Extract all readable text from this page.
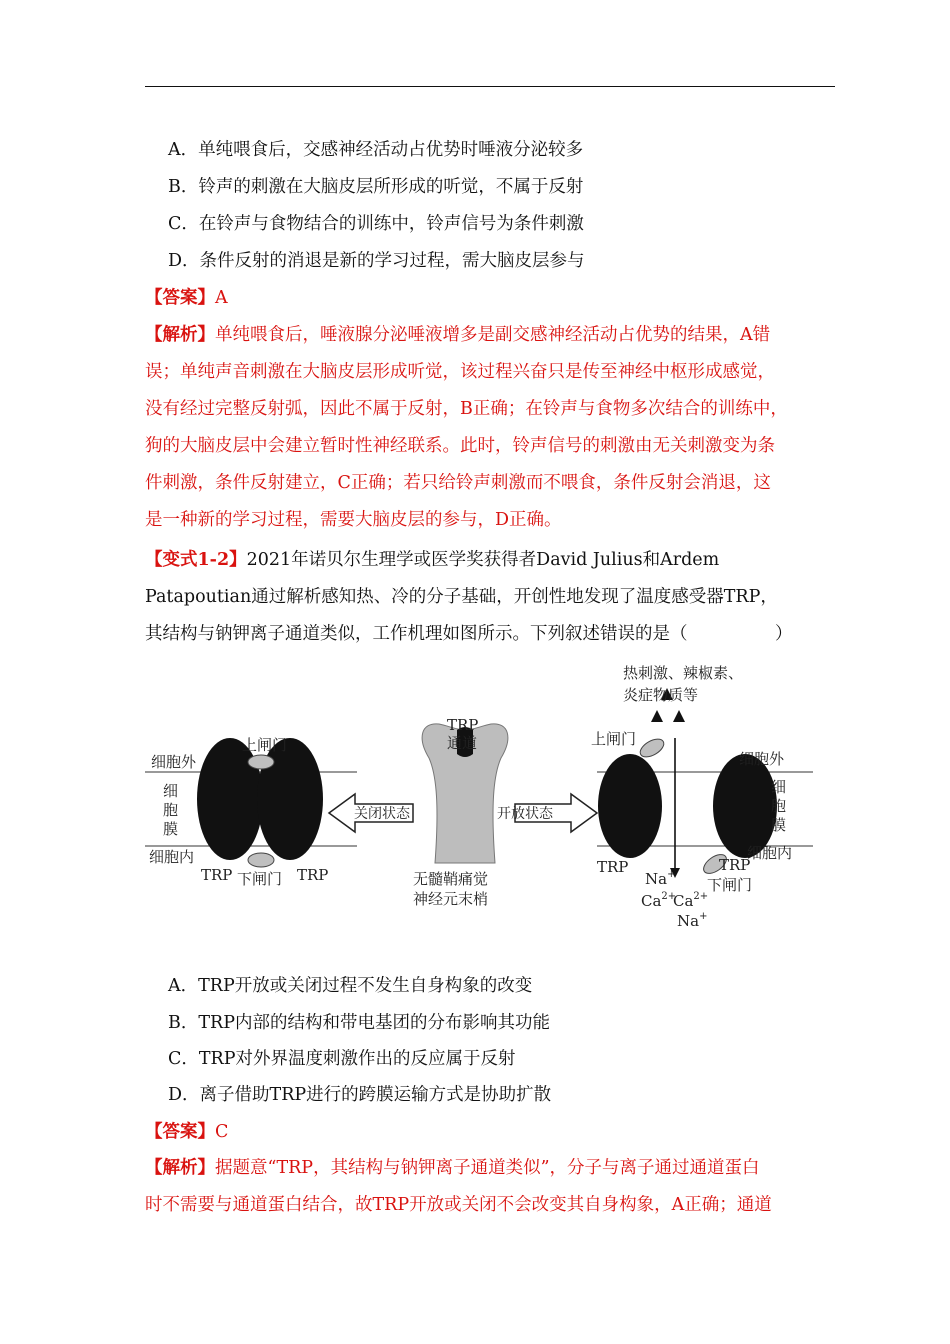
A．单纯喂食后，交感神经活动占优势时唾液分泌较多
B．铃声的刺激在大脑皮层所形成的听觉，不属于反射
C．在铃声与食物结合的训练中，铃声信号为条件刺激
D．条件反射的消退是新的学习过程，需大脑皮层参与
【答案】A
【解析】单纯喂食后，唾液腺分泌唾液增多是副交感神经活动占优势的结果，A错
误；单纯声音刺激在大脑皮层形成听觉，该过程兴奋只是传至神经中枢形成感觉，
没有经过完整反射弧，因此不属于反射，B正确；在铃声与食物多次结合的训练中，
狗的大脑皮层中会建立暂时性神经联系。此时，铃声信号的刺激由无关刺激变为条
件刺激，条件反射建立，C正确；若只给铃声刺激而不喂食，条件反射会消退，这
是一种新的学习过程，需要大脑皮层的参与，D正确。
【变式1-2】2021年诺贝尔生理学或医学奖获得者David Julius和Ardem
Patapoutian通过解析感知热、冷的分子基础，开创性地发现了温度感受器TRP，
其结构与钠钾离子通道类似，工作机理如图所示。下列叙述错误的是（　　　　　）
上闸门
细胞外
细
胞
膜
细胞内
TRP 下闸门 TRP
关闭状态
TRP
通道
无髓鞘痛觉
神经元末梢
开放状态
热刺激、辣椒素、
炎症物质等
上闸门
细胞外
细
胞
膜
细胞内
TRP	TRP
下闸门
Na+
$Ca^{2+}$
$Ca^{2+}$
Na+
A．TRP开放或关闭过程不发生自身构象的改变
B．TRP内部的结构和带电基团的分布影响其功能
C．TRP对外界温度刺激作出的反应属于反射
D．离子借助TRP进行的跨膜运输方式是协助扩散
【答案】C
【解析】据题意“TRP，其结构与钠钾离子通道类似”，分子与离子通过通道蛋白
时不需要与通道蛋白结合，故TRP开放或关闭不会改变其自身构象，A正确；通道
